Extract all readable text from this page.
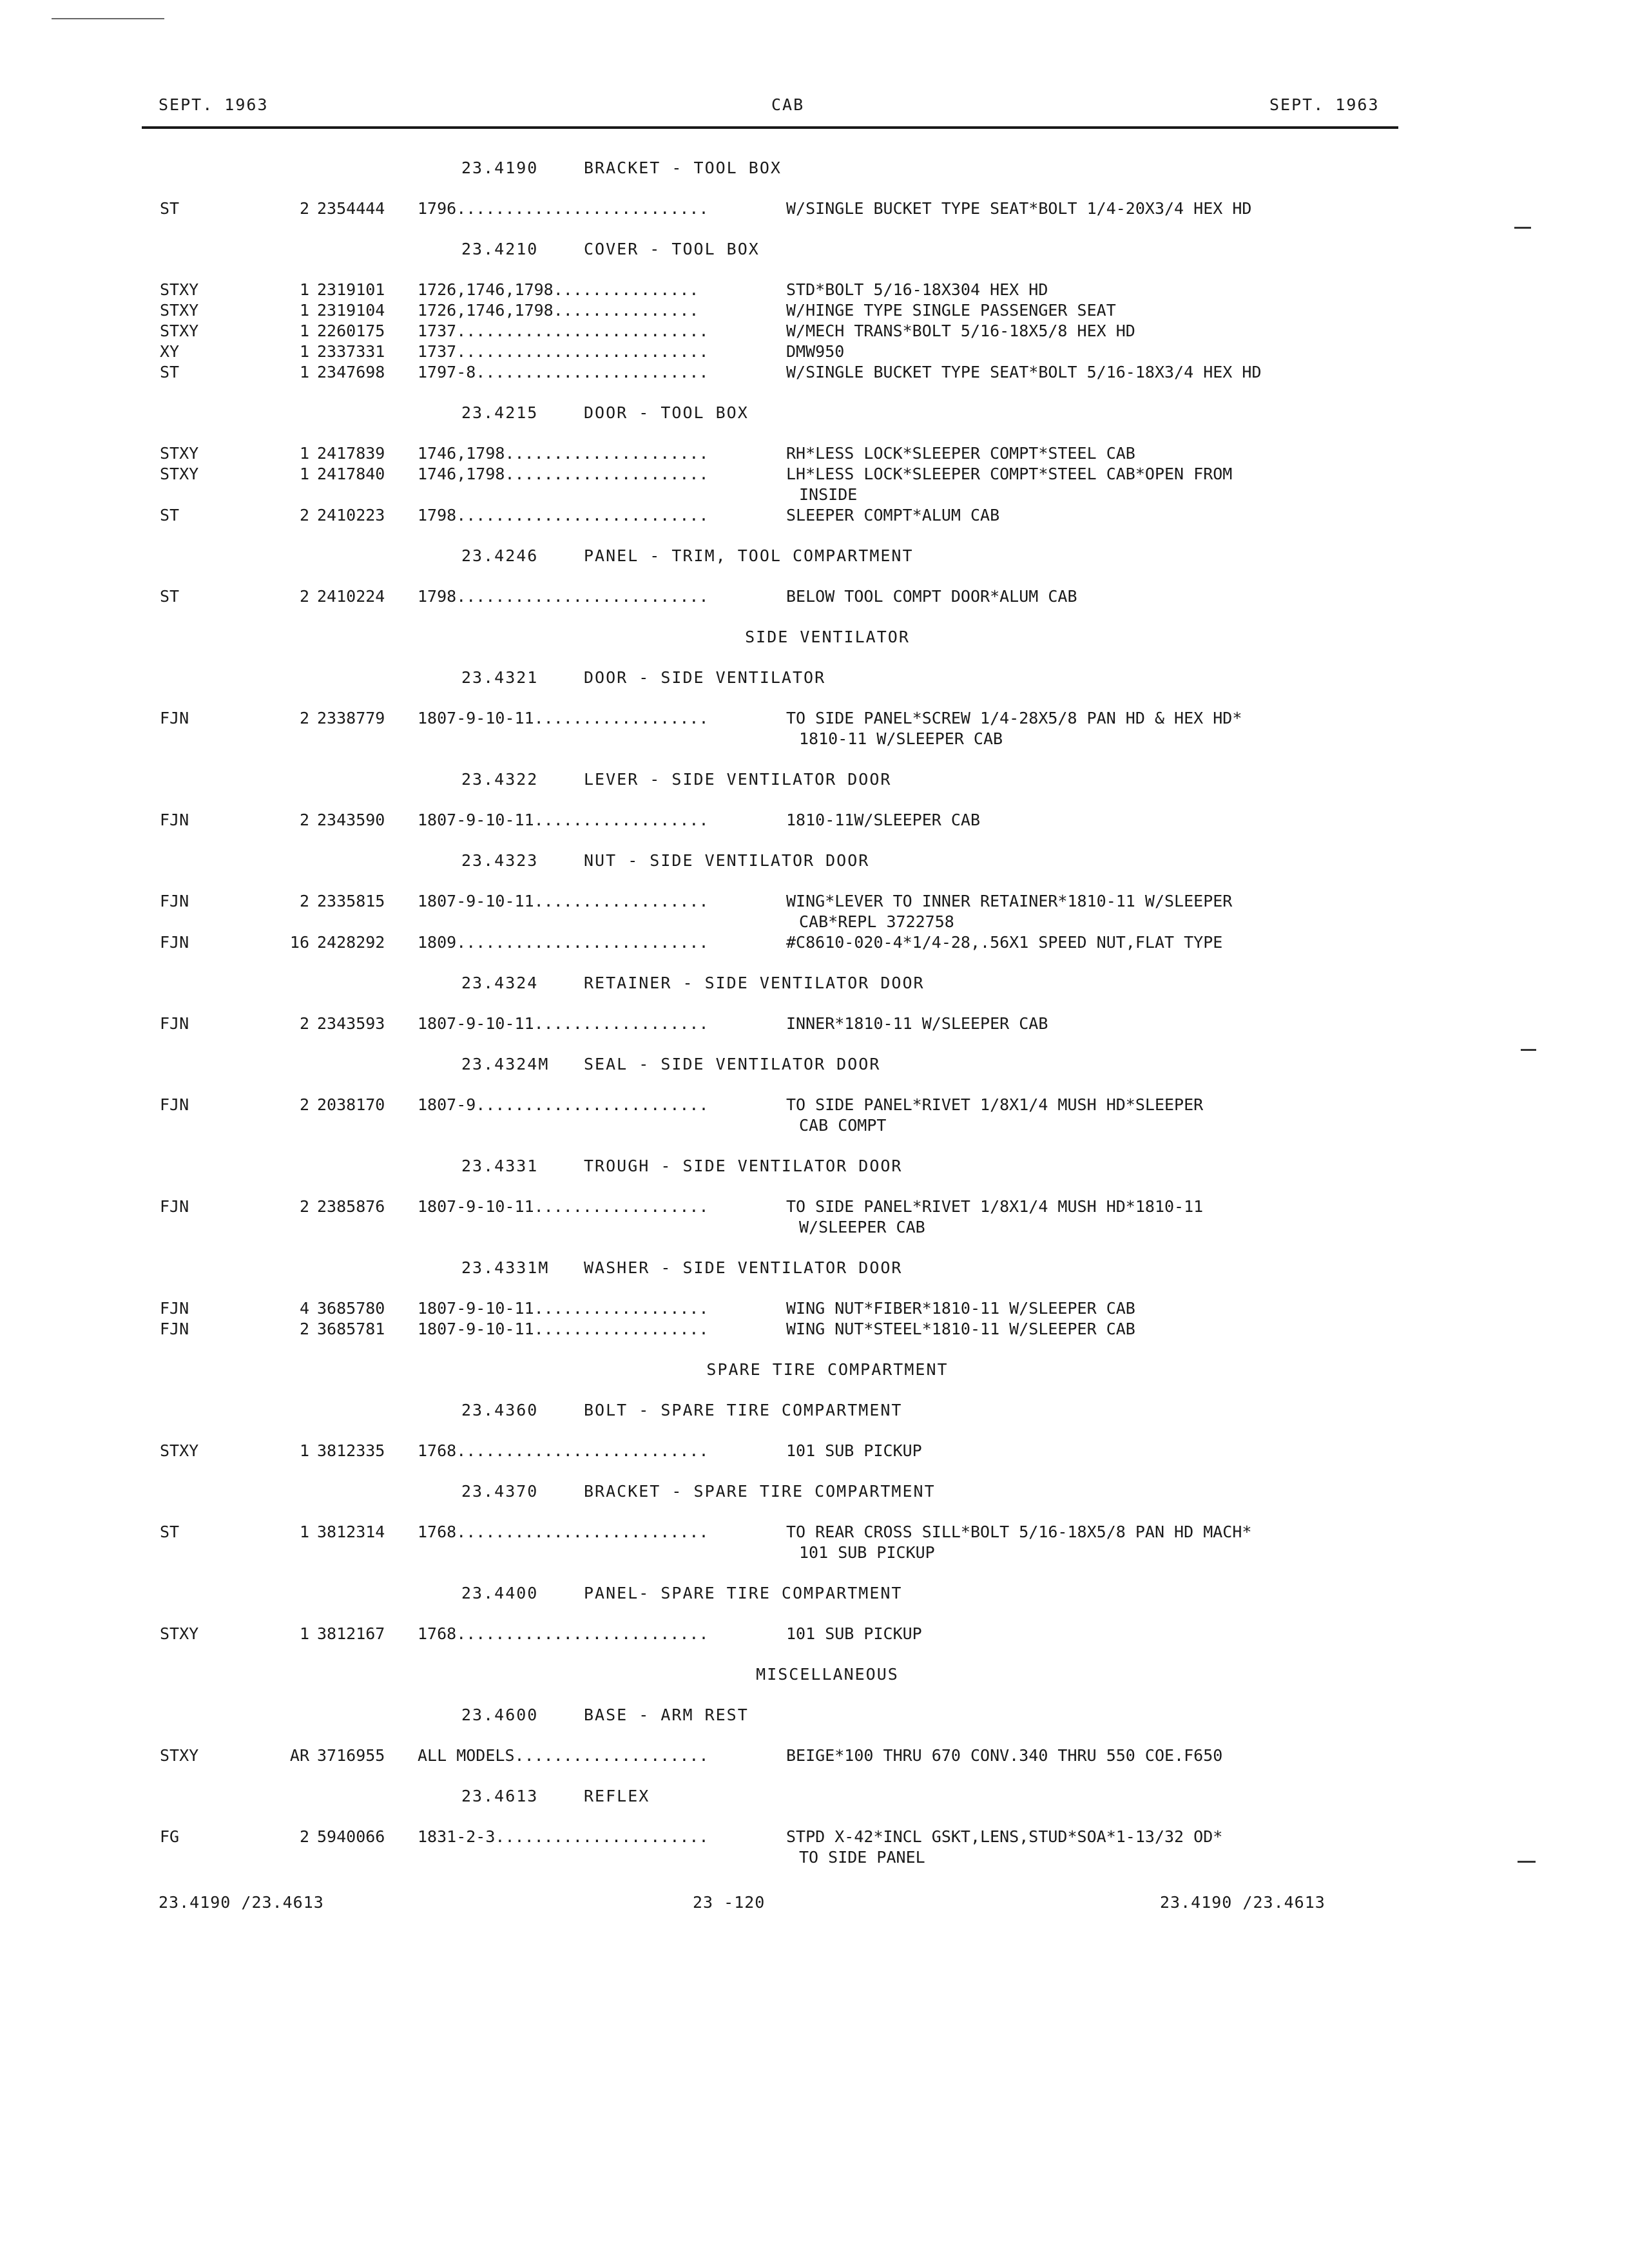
SEPT. 1963	CAB	SEPT. 1963
23.4190	BRACKET - TOOL BOX
ST	2 2354444 1796..........................	W/SINGLE BUCKET TYPE SEAT*BOLT 1/4-20X3/4 HEX HD
23.4210	COVER - TOOL BOX
STXY	1 2319101 1726,1746,1798...............	STD*BOLT 5/16-18X304 HEX HD
STXY	1 2319104 1726,1746,1798...............	W/HINGE TYPE SINGLE PASSENGER SEAT
STXY	1 2260175 1737..........................	W/MECH TRANS*BOLT 5/16-18X5/8 HEX HD
XY	1 2337331 1737..........................	DMW950
ST	1 2347698 1797-8........................	W/SINGLE BUCKET TYPE SEAT*BOLT 5/16-18X3/4 HEX HD
23.4215	DOOR - TOOL BOX
STXY	1 2417839 1746,1798.....................	RH*LESS LOCK*SLEEPER COMPT*STEEL CAB
STXY	1 2417840 1746,1798.....................	LH*LESS LOCK*SLEEPER COMPT*STEEL CAB*OPEN FROM
INSIDE
ST	2 2410223 1798..........................	SLEEPER COMPT*ALUM CAB
23.4246	PANEL - TRIM, TOOL COMPARTMENT
ST	2 2410224 1798..........................	BELOW TOOL COMPT DOOR*ALUM CAB
SIDE VENTILATOR
23.4321	DOOR - SIDE VENTILATOR
FJN	2 2338779 1807-9-10-11..................	TO SIDE PANEL*SCREW 1/4-28X5/8 PAN HD & HEX HD*
1810-11 W/SLEEPER CAB
23.4322	LEVER - SIDE VENTILATOR DOOR
FJN	2 2343590 1807-9-10-11..................	1810-11W/SLEEPER CAB
23.4323	NUT - SIDE VENTILATOR DOOR
FJN	2 2335815 1807-9-10-11..................	WING*LEVER TO INNER RETAINER*1810-11 W/SLEEPER
CAB*REPL 3722758
FJN	16 2428292 1809..........................	#C8610-020-4*1/4-28,.56X1 SPEED NUT,FLAT TYPE
23.4324	RETAINER - SIDE VENTILATOR DOOR
FJN	2 2343593 1807-9-10-11..................	INNER*1810-11 W/SLEEPER CAB
23.4324M SEAL - SIDE VENTILATOR DOOR
FJN	2 2038170 1807-9........................	TO SIDE PANEL*RIVET 1/8X1/4 MUSH HD*SLEEPER
CAB COMPT
23.4331	TROUGH - SIDE VENTILATOR DOOR
FJN	2 2385876 1807-9-10-11..................	TO SIDE PANEL*RIVET 1/8X1/4 MUSH HD*1810-11
W/SLEEPER CAB
23.4331M WASHER - SIDE VENTILATOR DOOR
FJN	4 3685780 1807-9-10-11..................	WING NUT*FIBER*1810-11 W/SLEEPER CAB
FJN	2 3685781 1807-9-10-11..................	WING NUT*STEEL*1810-11 W/SLEEPER CAB
SPARE TIRE COMPARTMENT
23.4360	BOLT - SPARE TIRE COMPARTMENT
STXY	1 3812335 1768..........................	101 SUB PICKUP
23.4370	BRACKET - SPARE TIRE COMPARTMENT
ST	1 3812314 1768..........................	TO REAR CROSS SILL*BOLT 5/16-18X5/8 PAN HD MACH*
101 SUB PICKUP
23.4400	PANEL- SPARE TIRE COMPARTMENT
STXY	1 3812167 1768..........................	101 SUB PICKUP
MISCELLANEOUS
23.4600	BASE - ARM REST
STXY	AR 3716955 ALL MODELS....................	BEIGE*100 THRU 670 CONV.340 THRU 550 COE.F650
23.4613	REFLEX
FG	2 5940066 1831-2-3......................	STPD X-42*INCL GSKT,LENS,STUD*SOA*1-13/32 OD*
TO SIDE PANEL
23.4190 /23.4613	23 -120	23.4190 /23.4613
